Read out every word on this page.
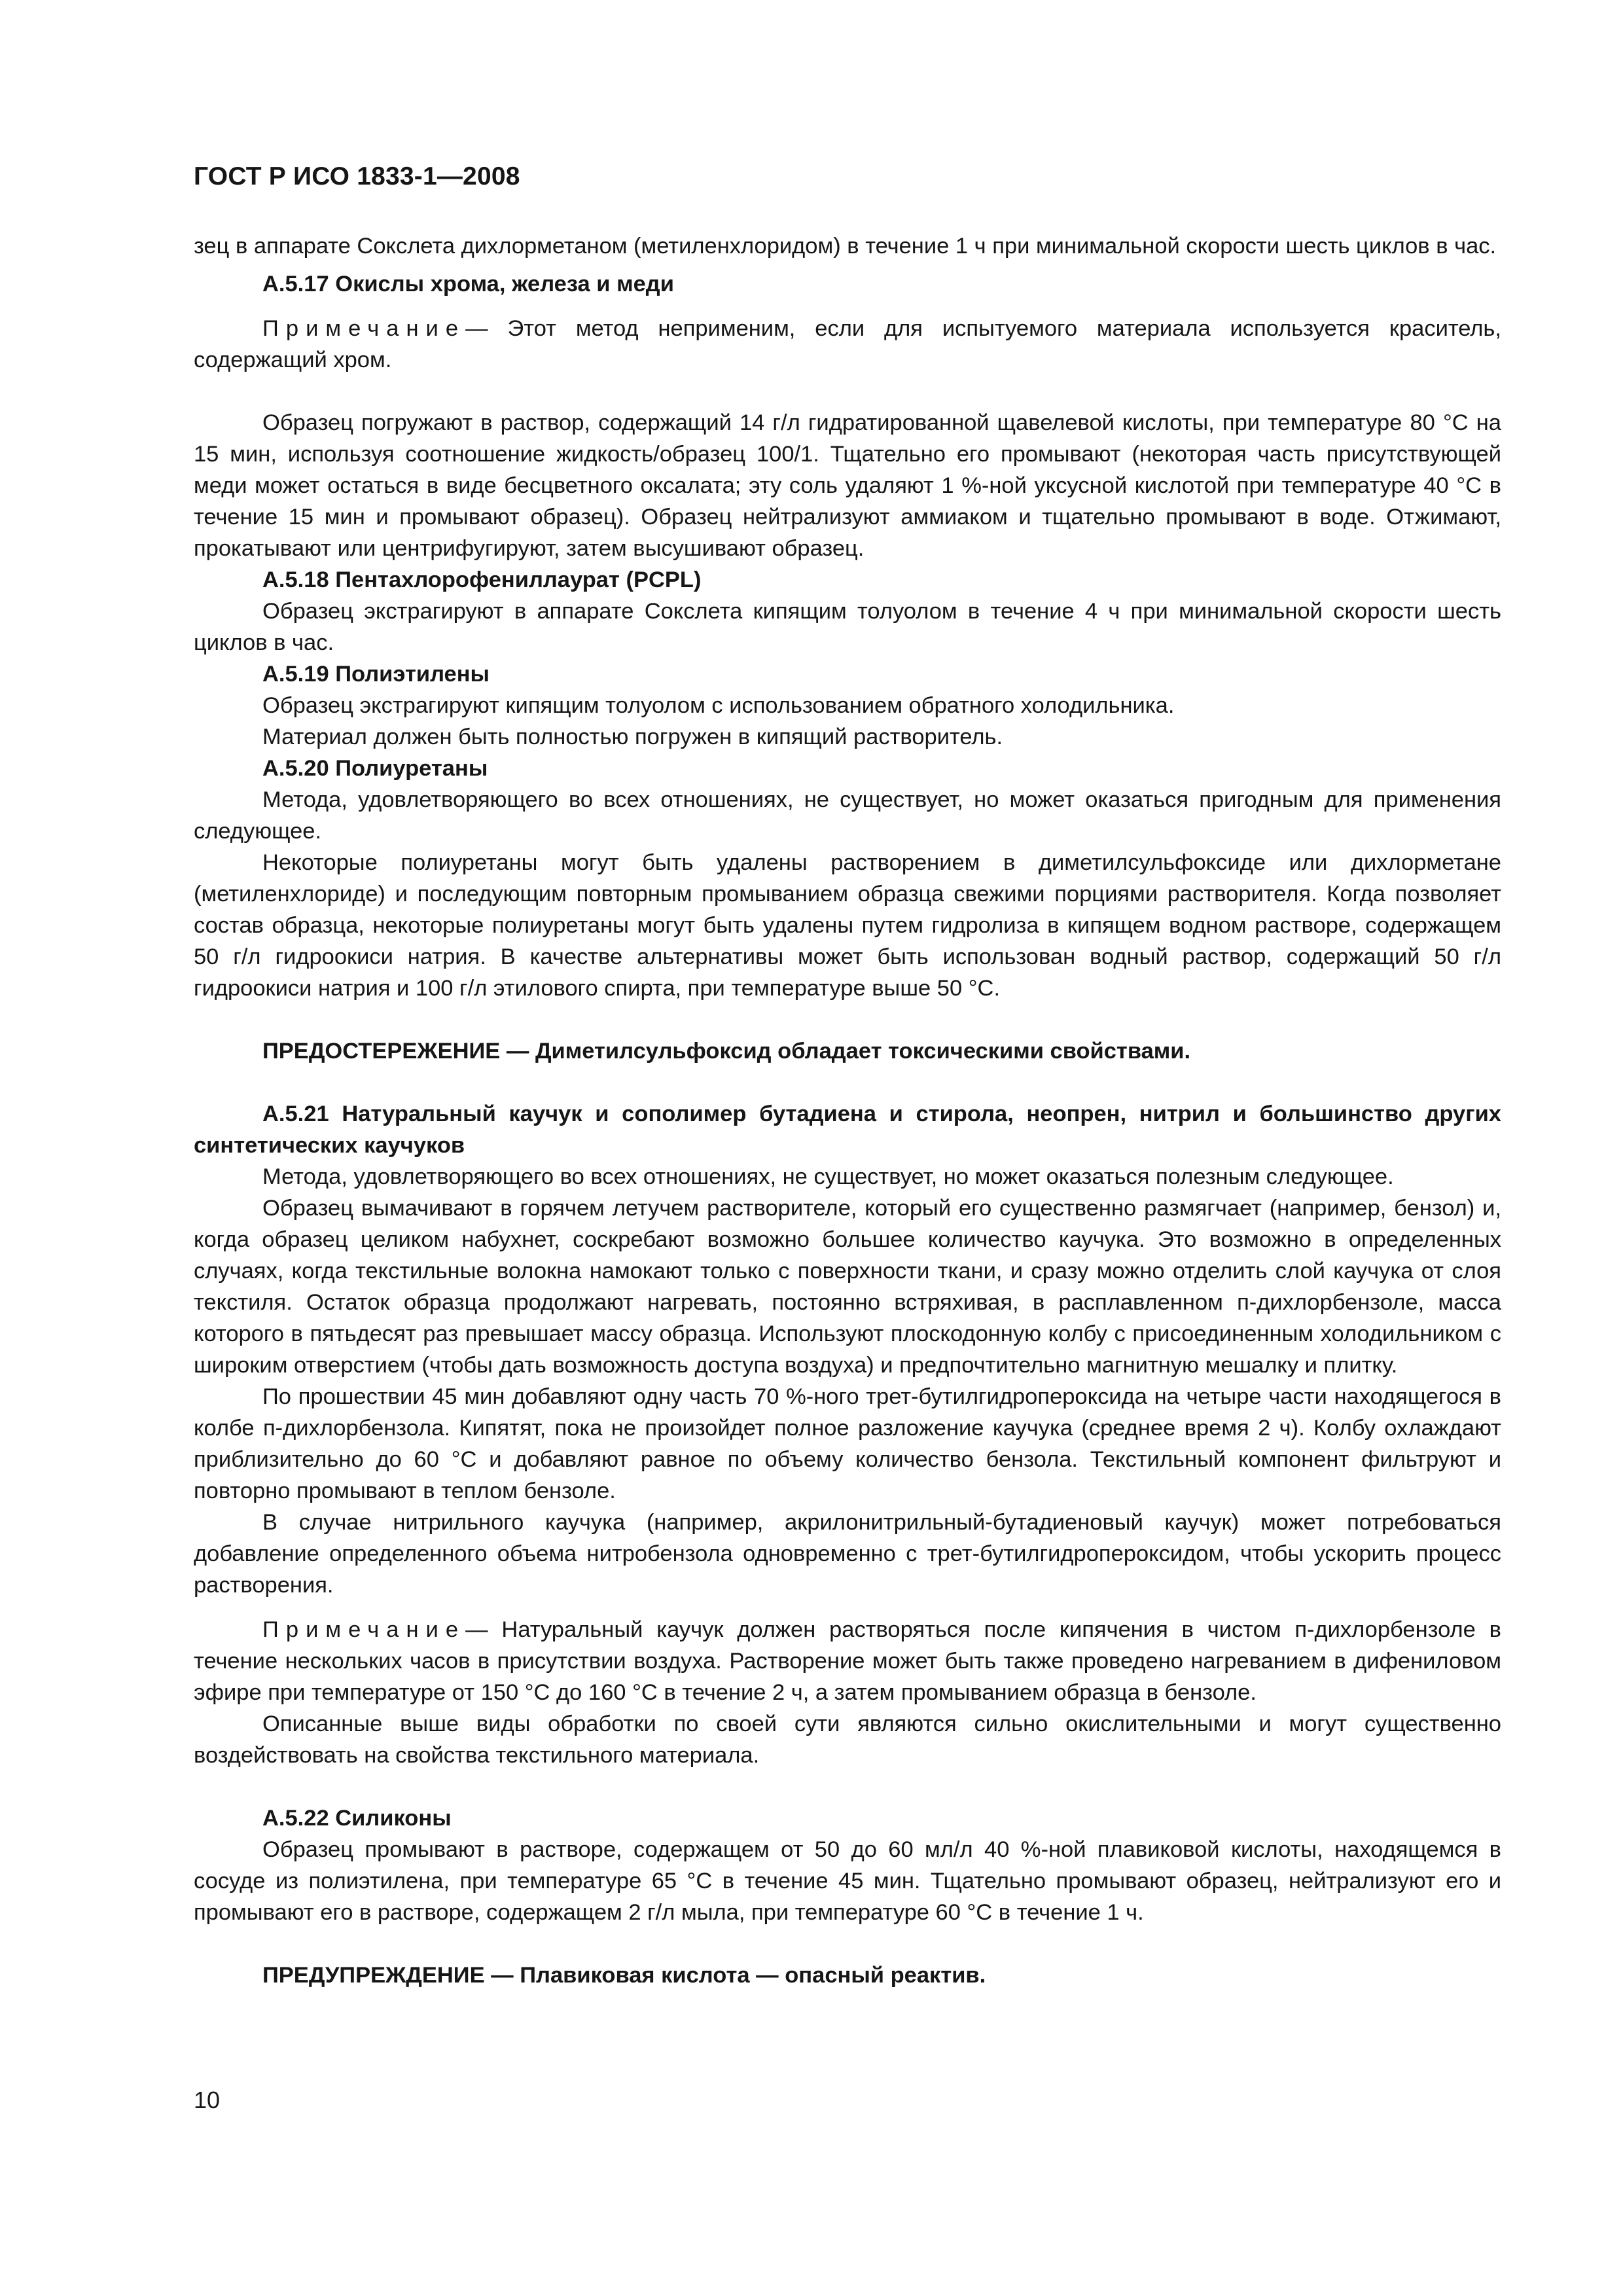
ГОСТ Р ИСО 1833-1—2008

зец в аппарате Сокслета дихлорметаном (метиленхлоридом) в течение 1 ч при минимальной скорости шесть циклов в час.

А.5.17 Окислы хрома, железа и меди

Примечание— Этот метод неприменим, если для испытуемого материала используется краситель, содержащий хром.

Образец погружают в раствор, содержащий 14 г/л гидратированной щавелевой кислоты, при температуре 80 °С на 15 мин, используя соотношение жидкость/образец 100/1. Тщательно его промывают (некоторая часть присутствующей меди может остаться в виде бесцветного оксалата; эту соль удаляют 1 %-ной уксусной кислотой при температуре 40 °С в течение 15 мин и промывают образец). Образец нейтрализуют аммиаком и тщательно промывают в воде. Отжимают, прокатывают или центрифугируют, затем высушивают образец.

А.5.18 Пентахлорофениллаурат (PCPL)

Образец экстрагируют в аппарате Сокслета кипящим толуолом в течение 4 ч при минимальной скорости шесть циклов в час.

А.5.19 Полиэтилены

Образец экстрагируют кипящим толуолом с использованием обратного холодильника.

Материал должен быть полностью погружен в кипящий растворитель.

А.5.20 Полиуретаны

Метода, удовлетворяющего во всех отношениях, не существует, но может оказаться пригодным для применения следующее.

Некоторые полиуретаны могут быть удалены растворением в диметилсульфоксиде или дихлорметане (метиленхлориде) и последующим повторным промыванием образца свежими порциями растворителя. Когда позволяет состав образца, некоторые полиуретаны могут быть удалены путем гидролиза в кипящем водном растворе, содержащем 50 г/л гидроокиси натрия. В качестве альтернативы может быть использован водный раствор, содержащий 50 г/л гидроокиси натрия и 100 г/л этилового спирта, при температуре выше 50 °С.

ПРЕДОСТЕРЕЖЕНИЕ — Диметилсульфоксид обладает токсическими свойствами.

А.5.21 Натуральный каучук и сополимер бутадиена и стирола, неопрен, нитрил и большинство других синтетических каучуков

Метода, удовлетворяющего во всех отношениях, не существует, но может оказаться полезным следующее.

Образец вымачивают в горячем летучем растворителе, который его существенно размягчает (например, бензол) и, когда образец целиком набухнет, соскребают возможно большее количество каучука. Это возможно в определенных случаях, когда текстильные волокна намокают только с поверхности ткани, и сразу можно отделить слой каучука от слоя текстиля. Остаток образца продолжают нагревать, постоянно встряхивая, в расплавленном п-дихлорбензоле, масса которого в пятьдесят раз превышает массу образца. Используют плоскодонную колбу с присоединенным холодильником с широким отверстием (чтобы дать возможность доступа воздуха) и предпочтительно магнитную мешалку и плитку.

По прошествии 45 мин добавляют одну часть 70 %-ного трет-бутилгидропероксида на четыре части находящегося в колбе п-дихлорбензола. Кипятят, пока не произойдет полное разложение каучука (среднее время 2 ч). Колбу охлаждают приблизительно до 60 °С и добавляют равное по объему количество бензола. Текстильный компонент фильтруют и повторно промывают в теплом бензоле.

В случае нитрильного каучука (например, акрилонитрильный-бутадиеновый каучук) может потребоваться добавление определенного объема нитробензола одновременно с трет-бутилгидропероксидом, чтобы ускорить процесс растворения.

Примечание— Натуральный каучук должен растворяться после кипячения в чистом п-дихлорбензоле в течение нескольких часов в присутствии воздуха. Растворение может быть также проведено нагреванием в дифениловом эфире при температуре от 150 °С до 160 °С в течение 2 ч, а затем промыванием образца в бензоле.

Описанные выше виды обработки по своей сути являются сильно окислительными и могут существенно воздействовать на свойства текстильного материала.

А.5.22 Силиконы

Образец промывают в растворе, содержащем от 50 до 60 мл/л 40 %-ной плавиковой кислоты, находящемся в сосуде из полиэтилена, при температуре 65 °С в течение 45 мин. Тщательно промывают образец, нейтрализуют его и промывают его в растворе, содержащем 2 г/л мыла, при температуре 60 °С в течение 1 ч.

ПРЕДУПРЕЖДЕНИЕ — Плавиковая кислота — опасный реактив.

10
